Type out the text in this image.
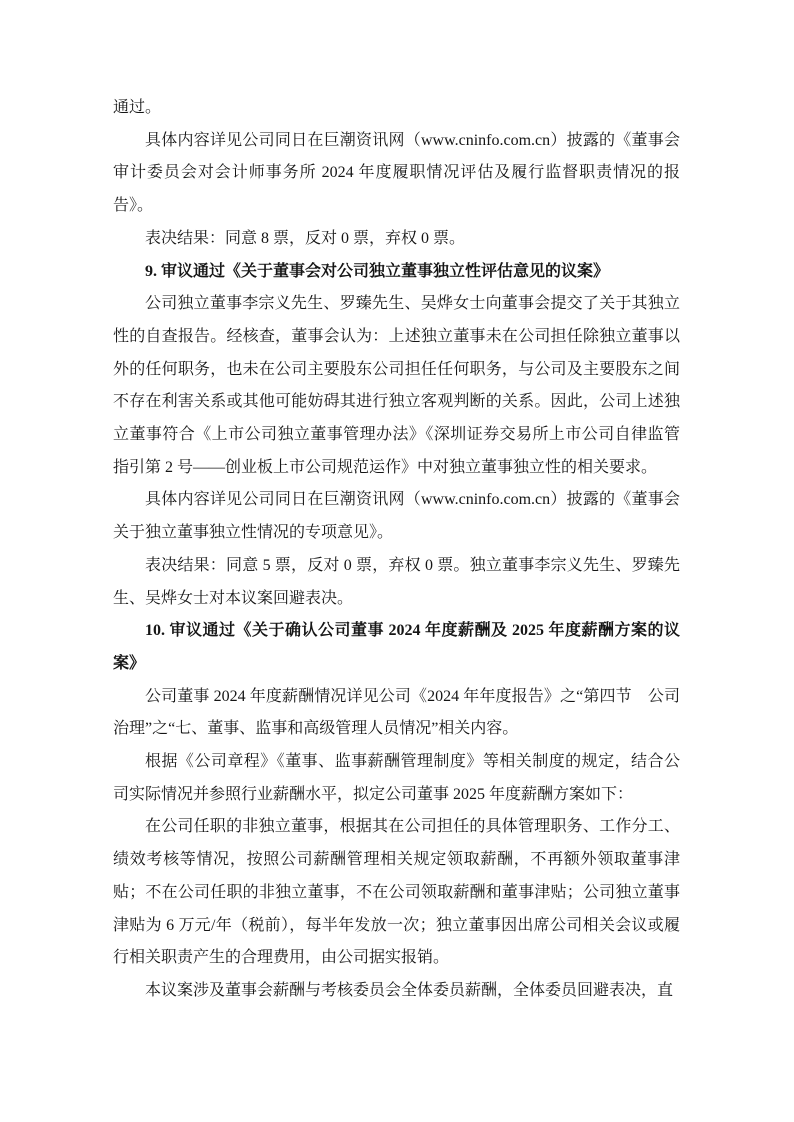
通过。

具体内容详见公司同日在巨潮资讯网（www.cninfo.com.cn）披露的《董事会审计委员会对会计师事务所 2024 年度履职情况评估及履行监督职责情况的报告》。

表决结果：同意 8 票，反对 0 票，弃权 0 票。

9. 审议通过《关于董事会对公司独立董事独立性评估意见的议案》

公司独立董事李宗义先生、罗臻先生、吴烨女士向董事会提交了关于其独立性的自查报告。经核查，董事会认为：上述独立董事未在公司担任除独立董事以外的任何职务，也未在公司主要股东公司担任任何职务，与公司及主要股东之间不存在利害关系或其他可能妨碍其进行独立客观判断的关系。因此，公司上述独立董事符合《上市公司独立董事管理办法》《深圳证券交易所上市公司自律监管指引第 2 号——创业板上市公司规范运作》中对独立董事独立性的相关要求。

具体内容详见公司同日在巨潮资讯网（www.cninfo.com.cn）披露的《董事会关于独立董事独立性情况的专项意见》。

表决结果：同意 5 票，反对 0 票，弃权 0 票。独立董事李宗义先生、罗臻先生、吴烨女士对本议案回避表决。

10. 审议通过《关于确认公司董事 2024 年度薪酬及 2025 年度薪酬方案的议案》

公司董事 2024 年度薪酬情况详见公司《2024 年年度报告》之“第四节　公司治理”之“七、董事、监事和高级管理人员情况”相关内容。

根据《公司章程》《董事、监事薪酬管理制度》等相关制度的规定，结合公司实际情况并参照行业薪酬水平，拟定公司董事 2025 年度薪酬方案如下：

在公司任职的非独立董事，根据其在公司担任的具体管理职务、工作分工、绩效考核等情况，按照公司薪酬管理相关规定领取薪酬，不再额外领取董事津贴；不在公司任职的非独立董事，不在公司领取薪酬和董事津贴；公司独立董事津贴为 6 万元/年（税前），每半年发放一次；独立董事因出席公司相关会议或履行相关职责产生的合理费用，由公司据实报销。

本议案涉及董事会薪酬与考核委员会全体委员薪酬，全体委员回避表决，直
